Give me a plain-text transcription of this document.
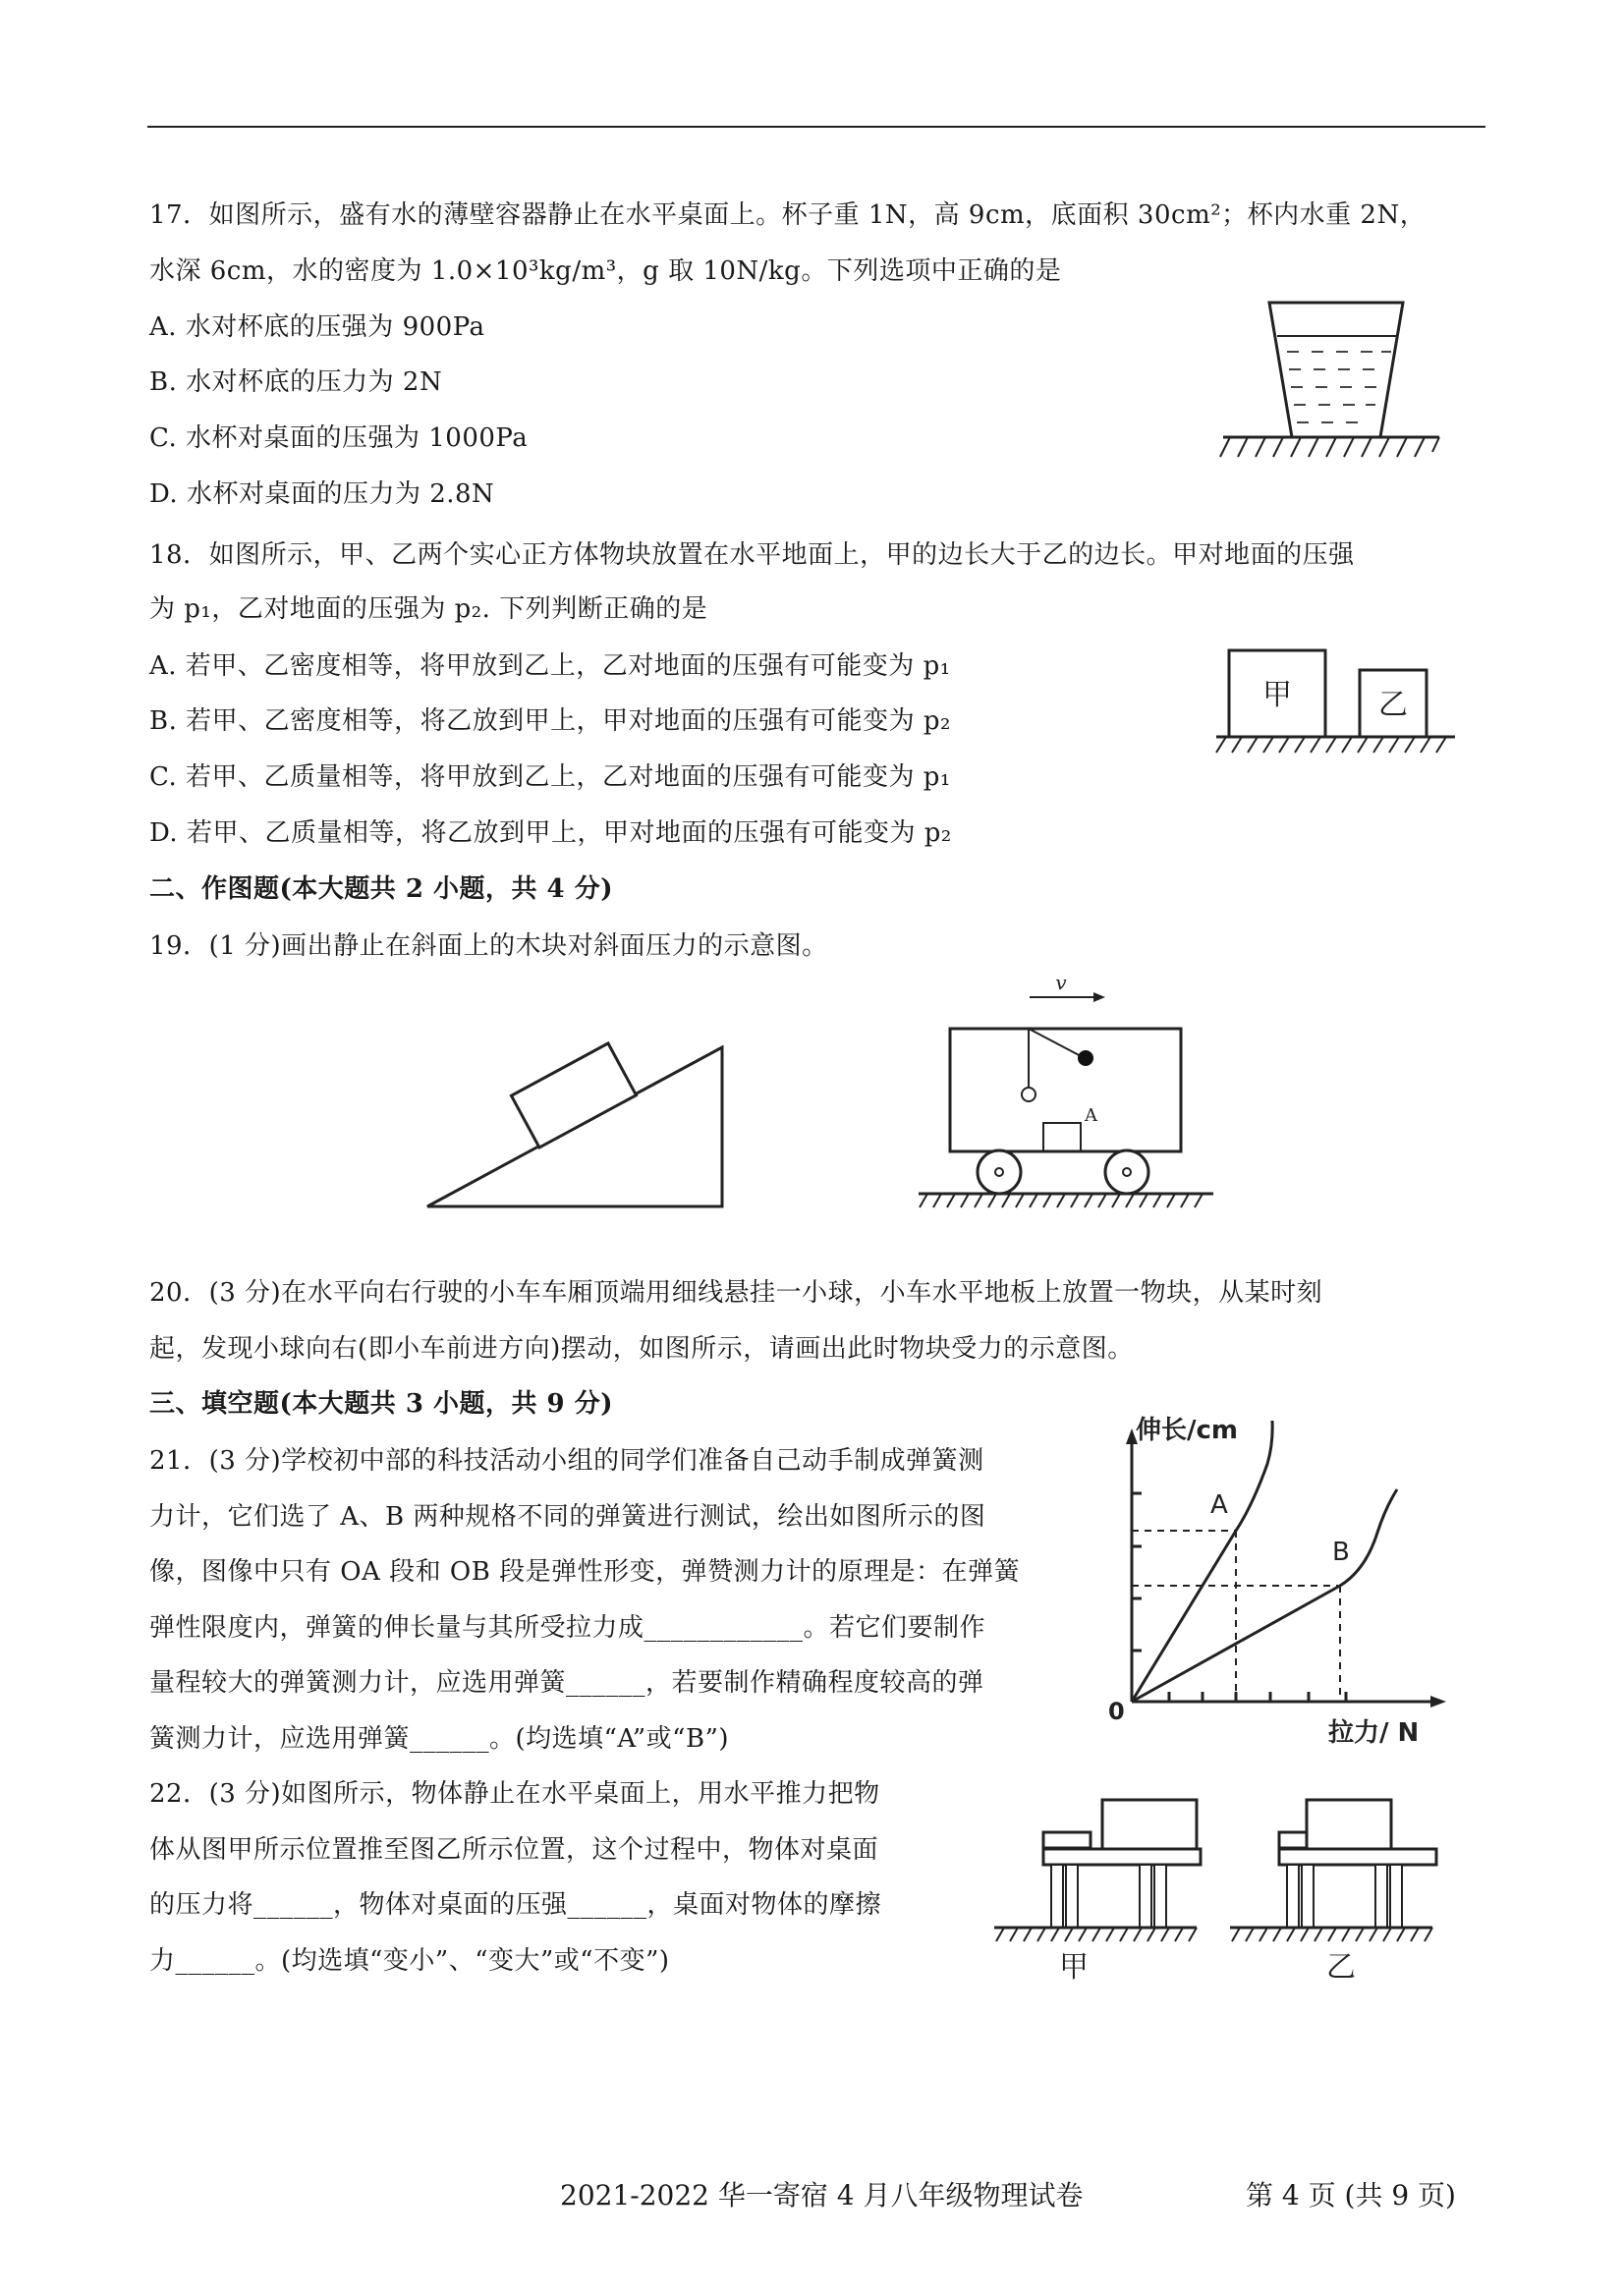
17．如图所示，盛有水的薄壁容器静止在水平桌面上。杯子重 1N，高 9cm，底面积 30cm²；杯内水重 2N，
水深 6cm，水的密度为 1.0×10³kg/m³，g 取 10N/kg。下列选项中正确的是
A. 水对杯底的压强为 900Pa
B. 水对杯底的压力为 2N
C. 水杯对桌面的压强为 1000Pa
D. 水杯对桌面的压力为 2.8N
18．如图所示，甲、乙两个实心正方体物块放置在水平地面上，甲的边长大于乙的边长。甲对地面的压强
为 p₁，乙对地面的压强为 p₂. 下列判断正确的是
A. 若甲、乙密度相等，将甲放到乙上，乙对地面的压强有可能变为 p₁
B. 若甲、乙密度相等，将乙放到甲上，甲对地面的压强有可能变为 p₂
C. 若甲、乙质量相等，将甲放到乙上，乙对地面的压强有可能变为 p₁
D. 若甲、乙质量相等，将乙放到甲上，甲对地面的压强有可能变为 p₂
甲	乙
二、作图题(本大题共 2 小题，共 4 分)
19．(1 分)画出静止在斜面上的木块对斜面压力的示意图。
v
A
20．(3 分)在水平向右行驶的小车车厢顶端用细线悬挂一小球，小车水平地板上放置一物块，从某时刻
起，发现小球向右(即小车前进方向)摆动，如图所示，请画出此时物块受力的示意图。
三、填空题(本大题共 3 小题，共 9 分)
21．(3 分)学校初中部的科技活动小组的同学们准备自己动手制成弹簧测
力计，它们选了 A、B 两种规格不同的弹簧进行测试，绘出如图所示的图
像，图像中只有 OA 段和 OB 段是弹性形变，弹赞测力计的原理是：在弹簧
弹性限度内，弹簧的伸长量与其所受拉力成____________。若它们要制作
量程较大的弹簧测力计，应选用弹簧______，若要制作精确程度较高的弹
簧测力计，应选用弹簧______。(均选填“A”或“B”)
伸长/cm
拉力/ N
0
A
B
22．(3 分)如图所示，物体静止在水平桌面上，用水平推力把物
体从图甲所示位置推至图乙所示位置，这个过程中，物体对桌面
的压力将______，物体对桌面的压强______，桌面对物体的摩擦
力______。(均选填“变小”、“变大”或“不变”)	甲	乙
2021-2022 华一寄宿 4 月八年级物理试卷	第 4 页 (共 9 页)
